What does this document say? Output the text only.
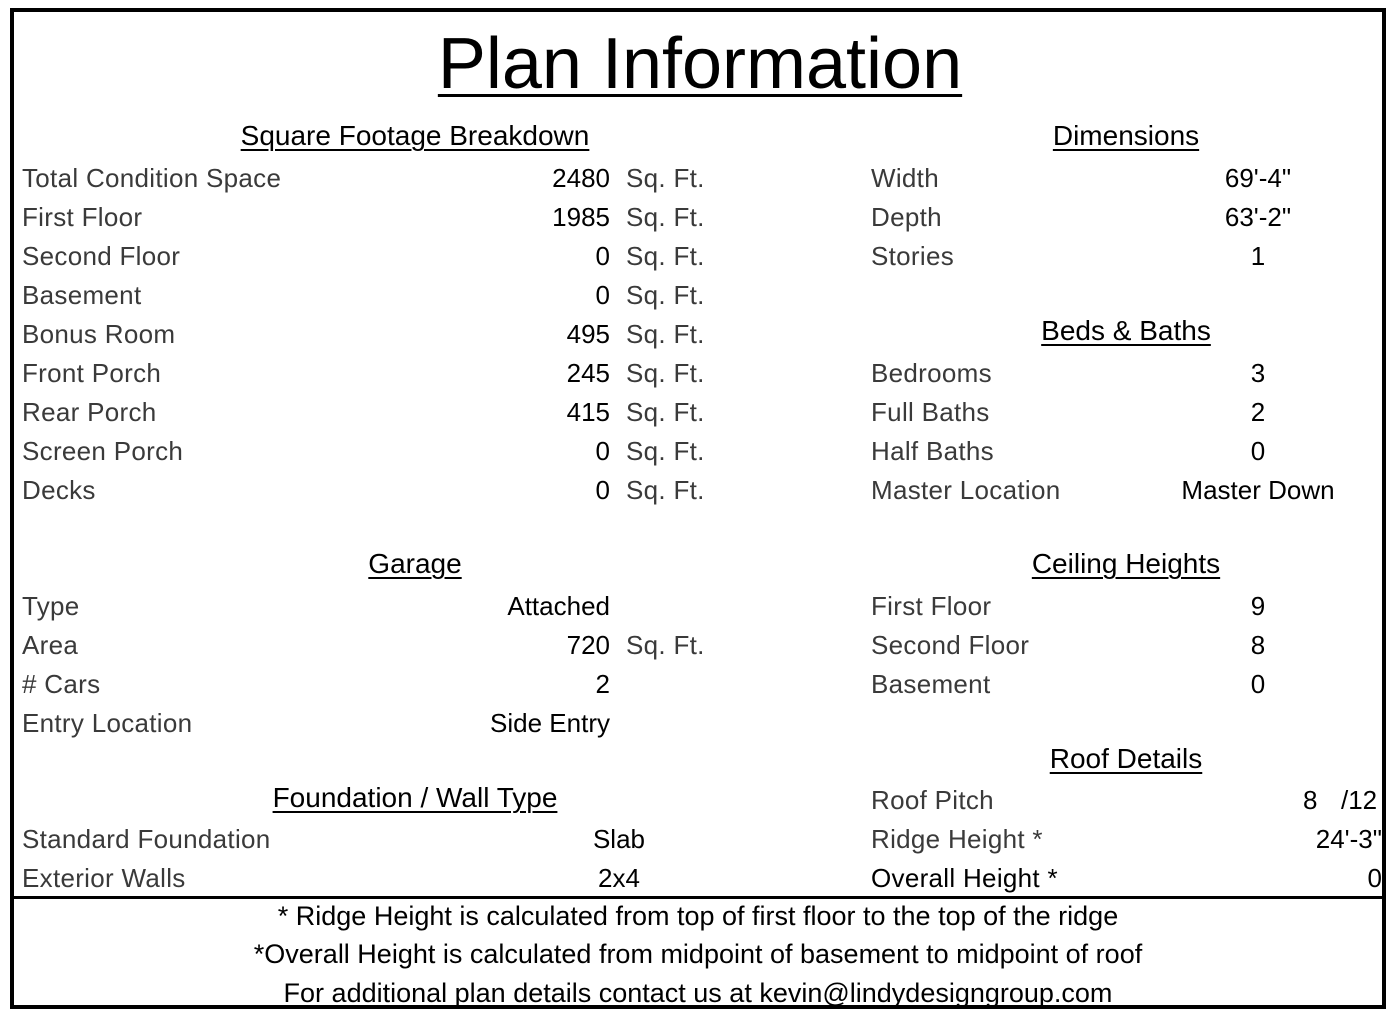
Plan Information
Square Footage Breakdown
Total Condition Space	2480 Sq. Ft.
First Floor	1985 Sq. Ft.
Second Floor	0 Sq. Ft.
Basement	0 Sq. Ft.
Bonus Room	495 Sq. Ft.
Front Porch	245 Sq. Ft.
Rear Porch	415 Sq. Ft.
Screen Porch	0 Sq. Ft.
Decks	0 Sq. Ft.
Garage
Type	Attached
Area	720 Sq. Ft.
# Cars	2
Entry Location	Side Entry
Foundation / Wall Type
Standard Foundation	Slab
Exterior Walls	2x4
Dimensions
Width	69'-4"
Depth	63'-2"
Stories	1
Beds & Baths
Bedrooms	3
Full Baths	2
Half Baths	0
Master Location	Master Down
Ceiling Heights
First Floor	9
Second Floor	8
Basement	0
Roof Details
Roof Pitch	8 /12
Ridge Height *	24'-3"
Overall Height *	0
* Ridge Height is calculated from top of first floor to the top of the ridge
*Overall Height is calculated from midpoint of basement to midpoint of roof
For additional plan details contact us at kevin@lindydesigngroup.com
